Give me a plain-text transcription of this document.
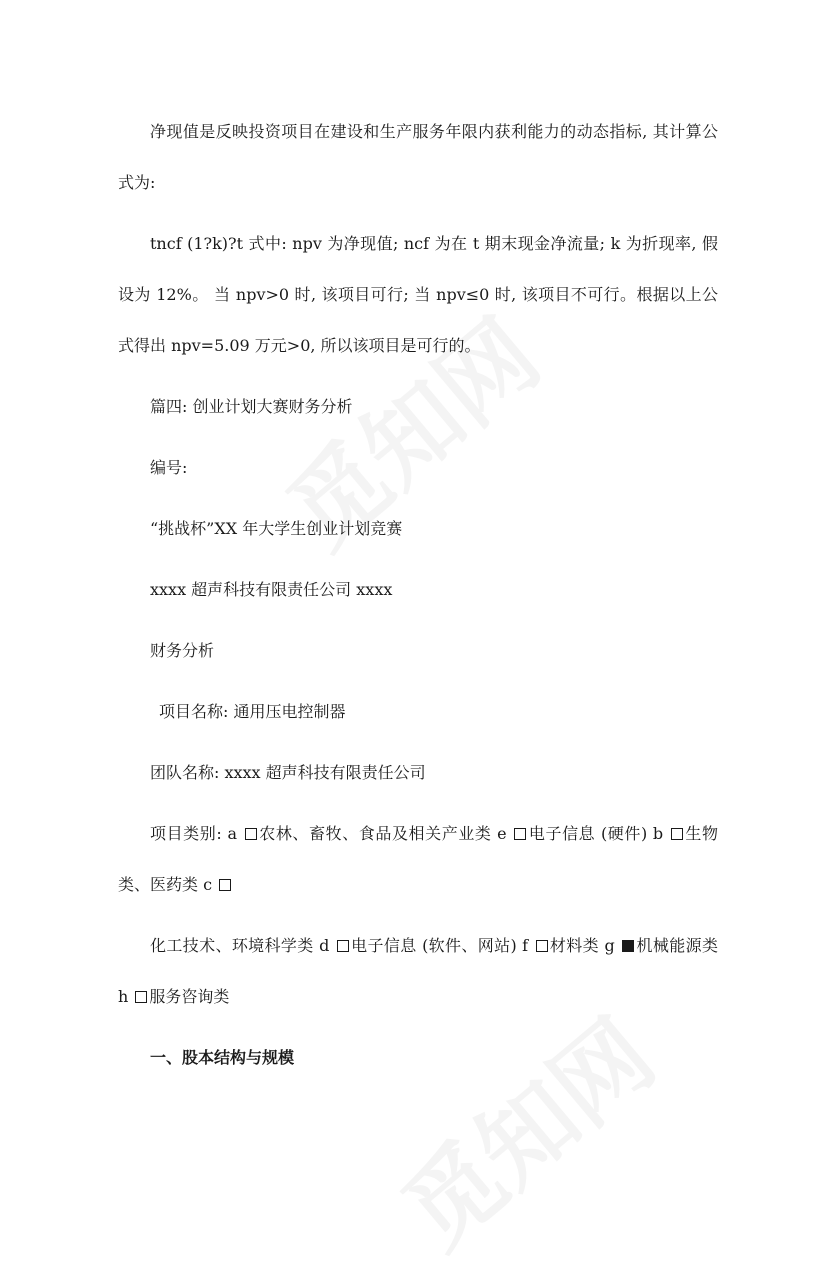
净现值是反映投资项目在建设和生产服务年限内获利能力的动态指标, 其计算公式为:

tncf (1?k)?t 式中: npv 为净现值; ncf 为在 t 期末现金净流量; k 为折现率, 假设为 12%。 当 npv>0 时, 该项目可行; 当 npv≤0 时, 该项目不可行。根据以上公式得出 npv=5.09 万元>0, 所以该项目是可行的。

篇四: 创业计划大赛财务分析

编号:

“挑战杯”XX 年大学生创业计划竞赛

xxxx 超声科技有限责任公司 xxxx

财务分析

项目名称: 通用压电控制器

团队名称: xxxx 超声科技有限责任公司

项目类别: a 农林、畜牧、食品及相关产业类 e 电子信息 (硬件) b 生物类、医药类 c

化工技术、环境科学类 d 电子信息 (软件、网站) f 材料类 g 机械能源类 h 服务咨询类

一、股本结构与规模
